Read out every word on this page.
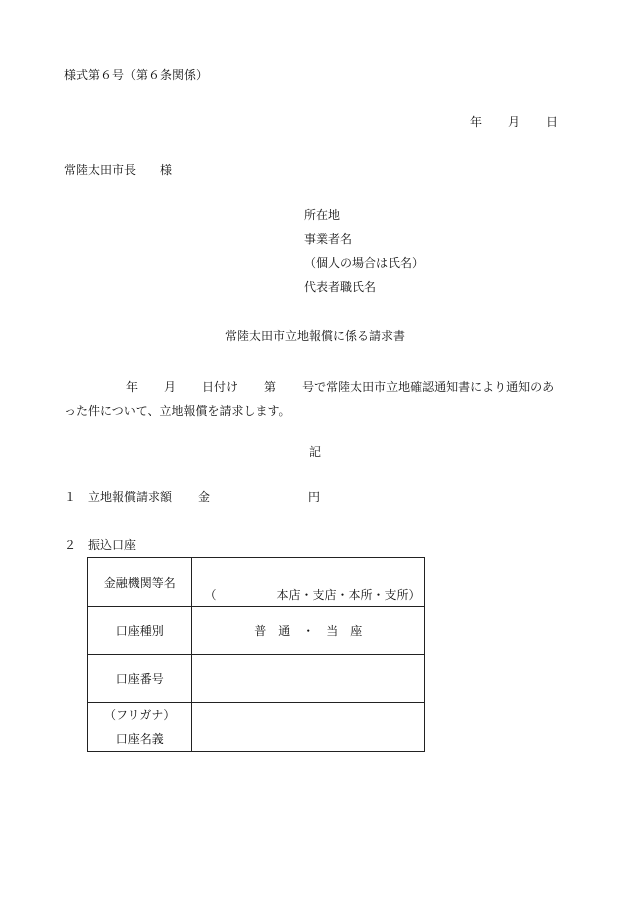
様式第６号（第６条関係）
年 月 日
常陸太田市長　　様
所在地
事業者名
（個人の場合は氏名）
代表者職氏名
常陸太田市立地報償に係る請求書
年 月 日付け 第 号で常陸太田市立地確認通知書により通知のあった件について、立地報償を請求します。
記
１　立地報償請求額 金	円
２　振込口座
金融機関等名	（　　　　　本店・支店・本所・支所）
口座種別	普　通　・　当　座
口座番号	

（フリガナ）
口座名義	
